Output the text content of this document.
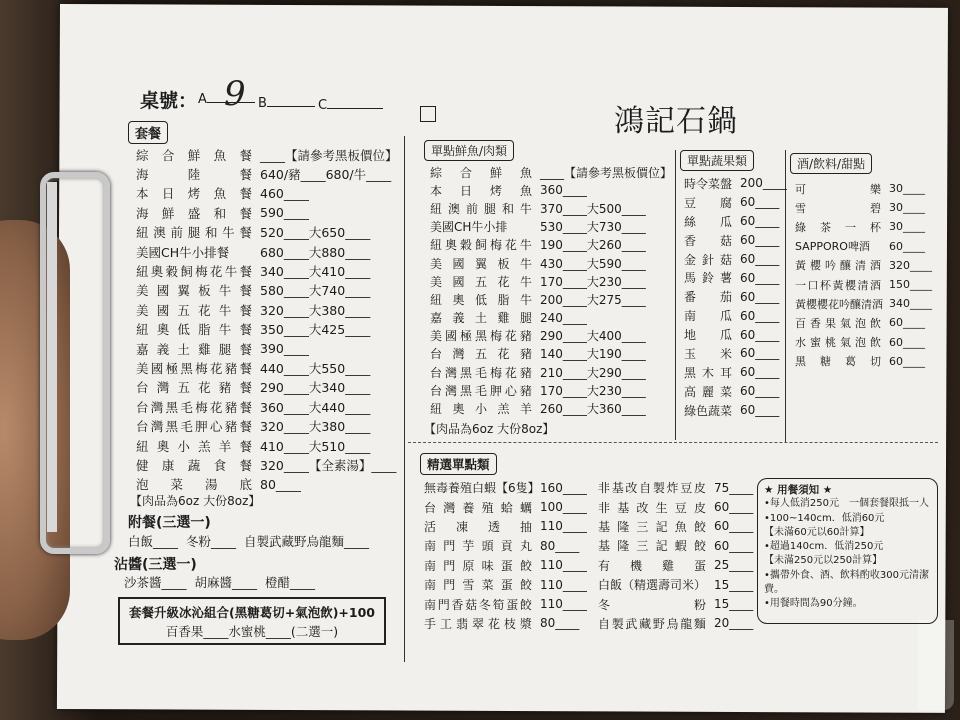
桌號： A 9 B	C	鴻記石鍋
套餐
綜 合 鮮 魚 餐 ____【請參考黑板價位】
海	陸	餐 640/豬____680/牛____
本 日 烤 魚 餐 460____
海 鮮 盛 和 餐 590____
紐 澳 前 腿 和 牛 餐 520____大650____
美國CH牛小排餐	680____大880____
紐 奧 穀 飼 梅 花 牛 餐 340____大410____
美 國 翼 板 牛 餐 580____大740____
美 國 五 花 牛 餐 320____大380____
紐 奧 低 脂 牛 餐 350____大425____
嘉 義 土 雞 腿 餐 390____
美 國 極 黑 梅 花 豬 餐 440____大550____
台 灣 五 花 豬 餐 290____大340____
台 灣 黑 毛 梅 花 豬 餐 360____大440____
台 灣 黑 毛 胛 心 豬 餐 320____大380____
紐 奧 小 羔 羊 餐 410____大510____
健 康 蔬 食 餐 320____【全素湯】____
泡 菜 湯 底 80____
【肉品為6oz 大份8oz】
附餐(三選一)
白飯____ 冬粉____ 自製武藏野烏龍麵____
沾醬(三選一)
沙茶醬____ 胡麻醬____ 橙醋____
套餐升級冰沁組合(黑糖葛切+氣泡飲)+100
百香果____水蜜桃____(二選一)
單點鮮魚/肉類
綜 合 鮮 魚 ____【請參考黑板價位】
本 日 烤 魚 360____
紐 澳 前 腿 和 牛 370____大500____
美國CH牛小排	530____大730____
紐 奧 穀 飼 梅 花 牛 190____大260____
美 國 翼 板 牛 430____大590____
美 國 五 花 牛 170____大230____
紐 奧 低 脂 牛 200____大275____
嘉 義 土 雞 腿 240____
美 國 極 黑 梅 花 豬 290____大400____
台 灣 五 花 豬 140____大190____
台 灣 黑 毛 梅 花 豬 210____大290____
台 灣 黑 毛 胛 心 豬 170____大230____
紐 奧 小 羔 羊 260____大360____
【肉品為6oz 大份8oz】
單點蔬果類
時令菜盤 200____
豆 腐 60____
絲 瓜 60____
香 菇 60____
金 針 菇 60____
馬 鈴 薯 60____
番 茄 60____
南 瓜 60____
地 瓜 60____
玉 米 60____
黑 木 耳 60____
高 麗 菜 60____
綠色蔬菜 60____
酒/飲料/甜點
可	樂 30____
雪	碧 30____
綠 茶 一 杯 30____
SAPPORO啤酒	60____
黃 櫻 吟 釀 清 酒 320____
一 口 杯 黃 櫻 清 酒 150____
黃櫻櫻花吟釀清酒 340____
百 香 果 氣 泡 飲 60____
水 蜜 桃 氣 泡 飲 60____
黑 糖 葛 切 60____
精選單點類
無毒養殖白蝦【6隻】 160____
台 灣 養 殖 蛤 蠣 100____
活 凍 透 抽 110____
南 門 芋 頭 貢 丸 80____
南 門 原 味 蛋 餃 110____
南 門 雪 菜 蛋 餃 110____
南 門 香 菇 冬 筍 蛋 餃 110____
手 工 翡 翠 花 枝 漿 80____
非 基 改 自 製 炸 豆 皮 75____
非 基 改 生 豆 皮 60____
基 隆 三 記 魚 餃 60____
基 隆 三 記 蝦 餃 60____
有 機 雞 蛋 25____
白飯（精選壽司米） 15____
冬	粉 15____
自 製 武 藏 野 烏 龍 麵 20____
★ 用餐須知 ★
•每人低消250元　一個套餐限抵一人
•100~140cm．低消60元
【未滿60元以60計算】
•超過140cm．低消250元
【未滿250元以250計算】
•攜帶外食、酒、飲料酌收300元清潔費。
•用餐時間為90分鐘。
